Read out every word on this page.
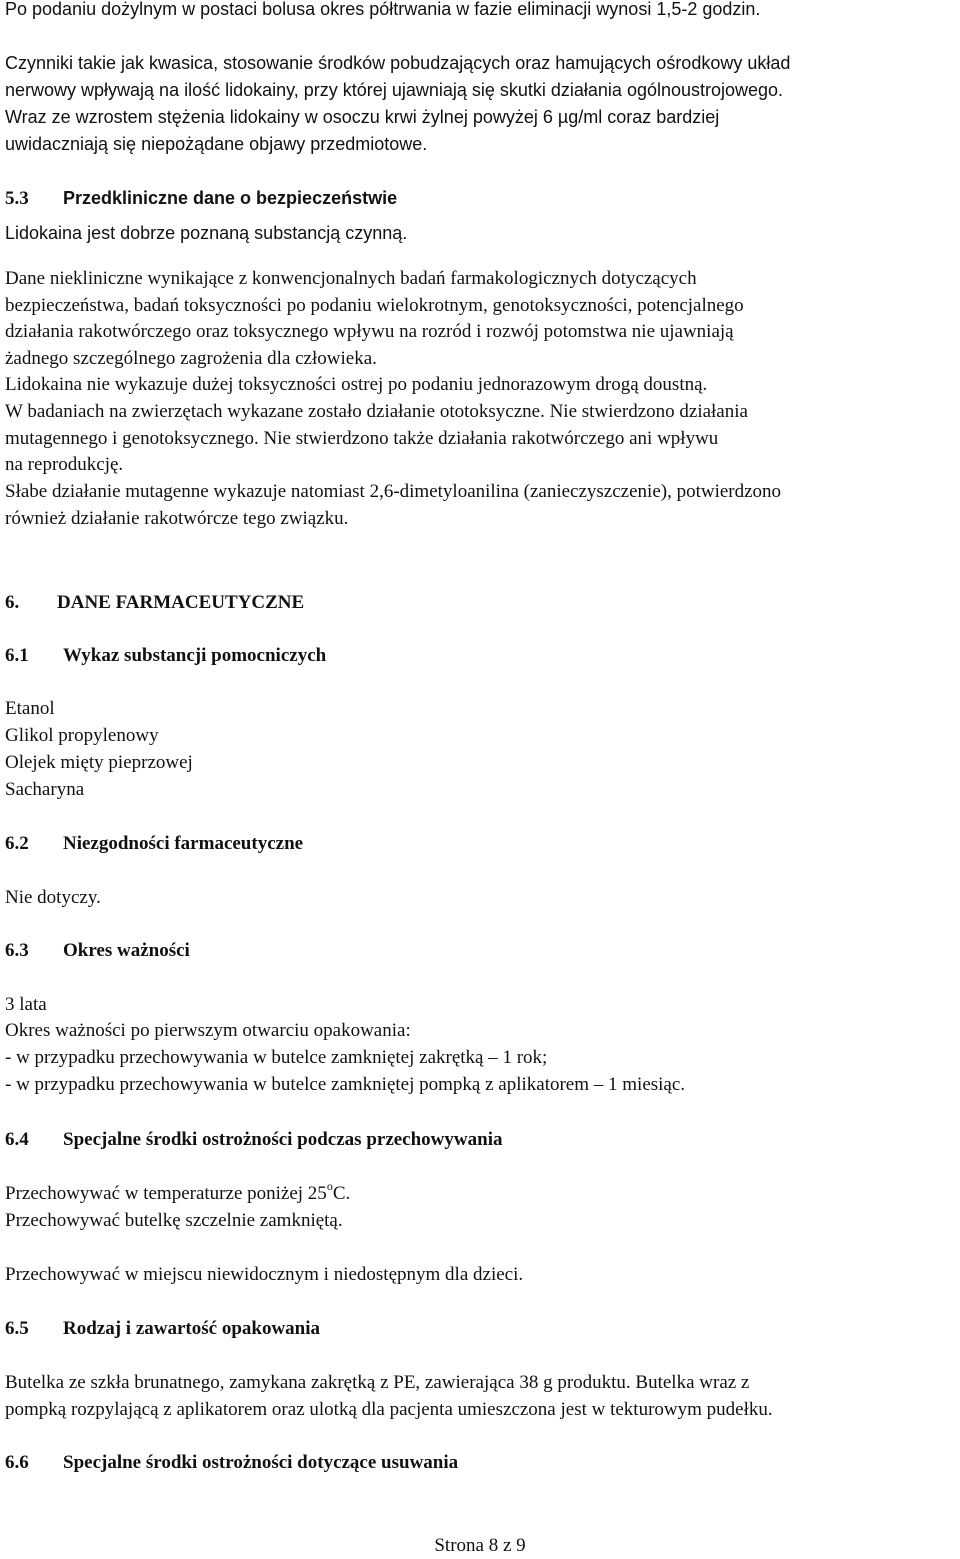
Po podaniu dożylnym w postaci bolusa okres półtrwania w fazie eliminacji wynosi 1,5-2 godzin.
Czynniki takie jak kwasica, stosowanie środków pobudzających oraz hamujących ośrodkowy układ
nerwowy wpływają na ilość lidokainy, przy której ujawniają się skutki działania ogólnoustrojowego.
Wraz ze wzrostem stężenia lidokainy w osoczu krwi żylnej powyżej 6 µg/ml coraz bardziej
uwidaczniają się niepożądane objawy przedmiotowe.
5.3 Przedkliniczne dane o bezpieczeństwie
Lidokaina jest dobrze poznaną substancją czynną.
Dane niekliniczne wynikające z konwencjonalnych badań farmakologicznych dotyczących
bezpieczeństwa, badań toksyczności po podaniu wielokrotnym, genotoksyczności, potencjalnego
działania rakotwórczego oraz toksycznego wpływu na rozród i rozwój potomstwa nie ujawniają
żadnego szczególnego zagrożenia dla człowieka.
Lidokaina nie wykazuje dużej toksyczności ostrej po podaniu jednorazowym drogą doustną.
W badaniach na zwierzętach wykazane zostało działanie ototoksyczne. Nie stwierdzono działania
mutagennego i genotoksycznego. Nie stwierdzono także działania rakotwórczego ani wpływu
na reprodukcję.
Słabe działanie mutagenne wykazuje natomiast 2,6-dimetyloanilina (zanieczyszczenie), potwierdzono
również działanie rakotwórcze tego związku.
6. DANE FARMACEUTYCZNE
6.1 Wykaz substancji pomocniczych
Etanol
Glikol propylenowy
Olejek mięty pieprzowej
Sacharyna
6.2 Niezgodności farmaceutyczne
Nie dotyczy.
6.3 Okres ważności
3 lata
Okres ważności po pierwszym otwarciu opakowania:
- w przypadku przechowywania w butelce zamkniętej zakrętką – 1 rok;
- w przypadku przechowywania w butelce zamkniętej pompką z aplikatorem – 1 miesiąc.
6.4 Specjalne środki ostrożności podczas przechowywania
Przechowywać w temperaturze poniżej 25$^o$C.
Przechowywać butelkę szczelnie zamkniętą.
Przechowywać w miejscu niewidocznym i niedostępnym dla dzieci.
6.5 Rodzaj i zawartość opakowania
Butelka ze szkła brunatnego, zamykana zakrętką z PE, zawierająca 38 g produktu. Butelka wraz z
pompką rozpylającą z aplikatorem oraz ulotką dla pacjenta umieszczona jest w tekturowym pudełku.
6.6 Specjalne środki ostrożności dotyczące usuwania
Strona 8 z 9
